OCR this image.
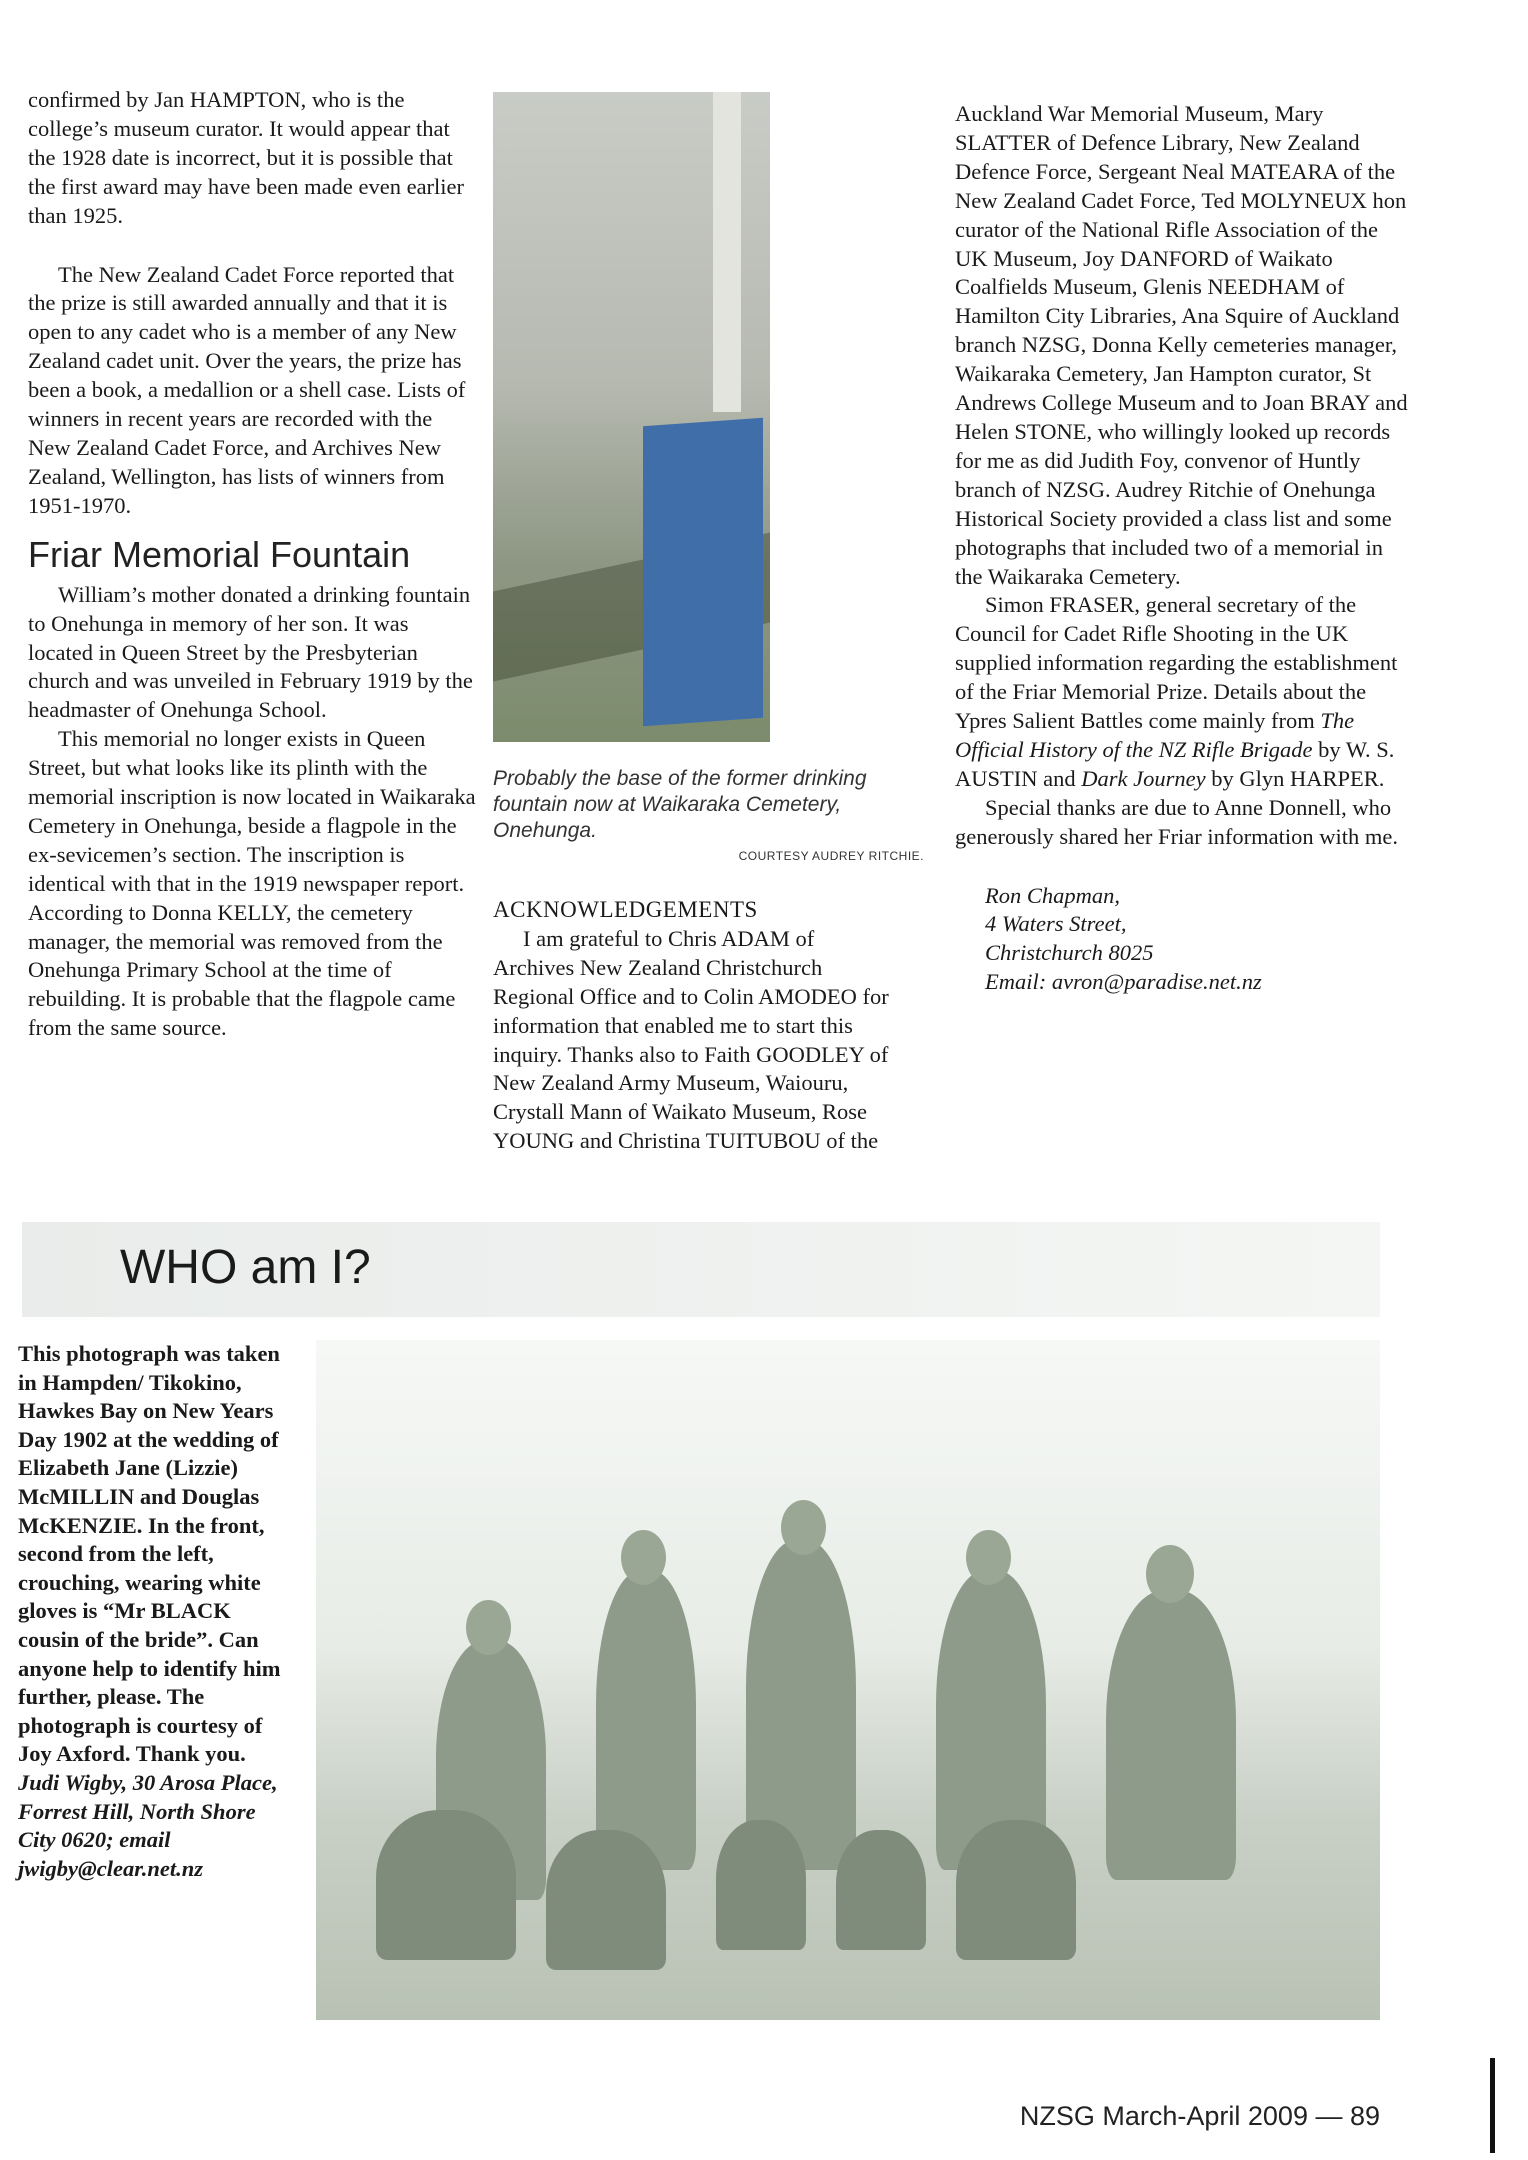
confirmed by Jan HAMPTON, who is the college’s museum curator. It would appear that the 1928 date is incorrect, but it is possible that the first award may have been made even earlier than 1925.

The New Zealand Cadet Force reported that the prize is still awarded annually and that it is open to any cadet who is a member of any New Zealand cadet unit. Over the years, the prize has been a book, a medallion or a shell case. Lists of winners in recent years are recorded with the New Zealand Cadet Force, and Archives New Zealand, Wellington, has lists of winners from 1951-1970.

Friar Memorial Fountain

William’s mother donated a drinking fountain to Onehunga in memory of her son. It was located in Queen Street by the Presbyterian church and was unveiled in February 1919 by the headmaster of Onehunga School.

This memorial no longer exists in Queen Street, but what looks like its plinth with the memorial inscription is now located in Waikaraka Cemetery in Onehunga, beside a flagpole in the ex-sevicemen’s section. The inscription is identical with that in the 1919 newspaper report. According to Donna KELLY, the cemetery manager, the memorial was removed from the Onehunga Primary School at the time of rebuilding. It is probable that the flagpole came from the same source.

Probably the base of the former drinking fountain now at Waikaraka Cemetery, Onehunga.
COURTESY AUDREY RITCHIE.

ACKNOWLEDGEMENTS

I am grateful to Chris ADAM of Archives New Zealand Christchurch Regional Office and to Colin AMODEO for information that enabled me to start this inquiry. Thanks also to Faith GOODLEY of New Zealand Army Museum, Waiouru, Crystall Mann of Waikato Museum, Rose YOUNG and Christina TUITUBOU of the

Auckland War Memorial Museum, Mary SLATTER of Defence Library, New Zealand Defence Force, Sergeant Neal MATEARA of the New Zealand Cadet Force, Ted MOLYNEUX hon curator of the National Rifle Association of the UK Museum, Joy DANFORD of Waikato Coalfields Museum, Glenis NEEDHAM of Hamilton City Libraries, Ana Squire of Auckland branch NZSG, Donna Kelly cemeteries manager, Waikaraka Cemetery, Jan Hampton curator, St Andrews College Museum and to Joan BRAY and Helen STONE, who willingly looked up records for me as did Judith Foy, convenor of Huntly branch of NZSG. Audrey Ritchie of Onehunga Historical Society provided a class list and some photographs that included two of a memorial in the Waikaraka Cemetery.

Simon FRASER, general secretary of the Council for Cadet Rifle Shooting in the UK supplied information regarding the establishment of the Friar Memorial Prize. Details about the Ypres Salient Battles come mainly from The Official History of the NZ Rifle Brigade by W. S. AUSTIN and Dark Journey by Glyn HARPER.

Special thanks are due to Anne Donnell, who generously shared her Friar information with me.

Ron Chapman,
4 Waters Street,
Christchurch 8025
Email: avron@paradise.net.nz
WHO am I?
This photograph was taken in Hampden/ Tikokino, Hawkes Bay on New Years Day 1902 at the wedding of Elizabeth Jane (Lizzie) McMILLIN and Douglas McKENZIE. In the front, second from the left, crouching, wearing white gloves is “Mr BLACK cousin of the bride”. Can anyone help to identify him further, please. The photograph is courtesy of Joy Axford. Thank you. Judi Wigby, 30 Arosa Place, Forrest Hill, North Shore City 0620; email jwigby@clear.net.nz
NZSG March-April 2009 — 89
